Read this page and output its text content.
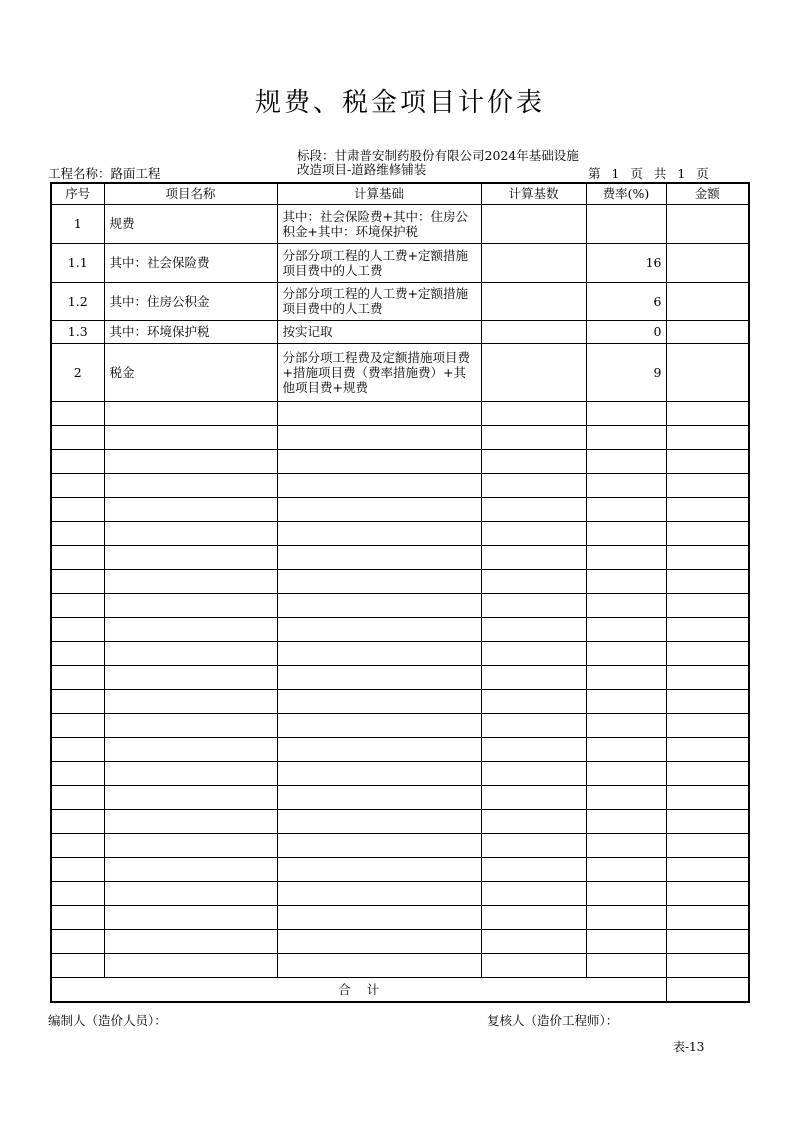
规费、税金项目计价表
工程名称：路面工程
标段：甘肃普安制药股份有限公司2024年基础设施
改造项目-道路维修铺装	第 1 页 共 1 页
序号	项目名称	计算基础	计算基数	费率(%)	金额
1	规费	其中：社会保险费+其中：住房公积金+其中：环境保护税			
1.1	其中：社会保险费	分部分项工程的人工费+定额措施项目费中的人工费		16	
1.2	其中：住房公积金	分部分项工程的人工费+定额措施项目费中的人工费		6	
1.3	其中：环境保护税	按实记取		0	
2	税金	分部分项工程费及定额措施项目费+措施项目费（费率措施费）+其他项目费+规费		9	

合    计					
编制人（造价人员）：	复核人（造价工程师）：
表-13
